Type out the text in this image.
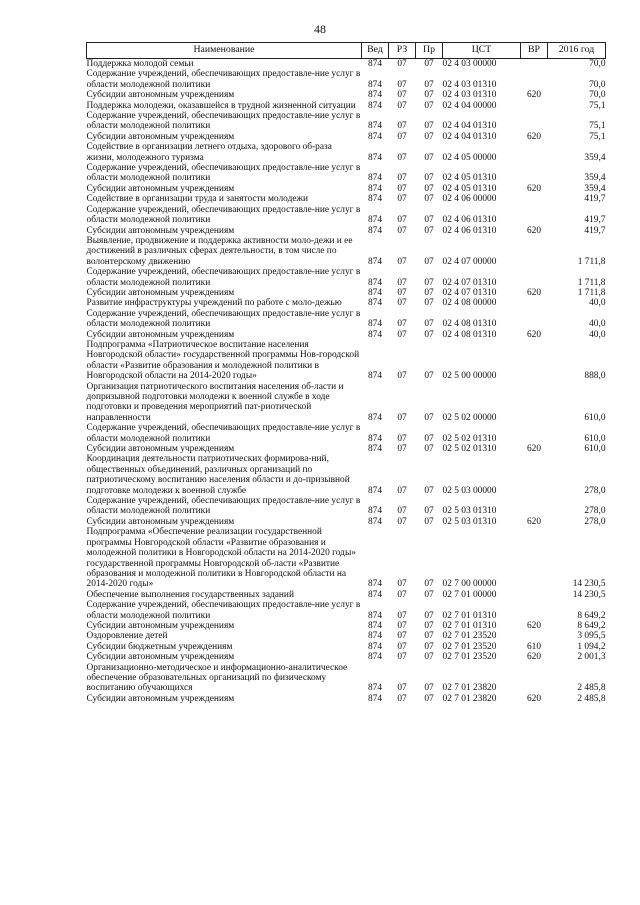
48
Наименование	Вед	РЗ	Пр	ЦСТ	ВР	2016 год
Поддержка молодой семьи	874	07	07	02 4 03 00000		70,0
Содержание учреждений, обеспечивающих предоставле-ние услуг в области молодежной политики	874	07	07	02 4 03 01310		70,0
Субсидии автономным учреждениям	874	07	07	02 4 03 01310	620	70,0
Поддержка молодежи, оказавшейся в трудной жизненной ситуации	874	07	07	02 4 04 00000		75,1
Содержание учреждений, обеспечивающих предоставле-ние услуг в области молодежной политики	874	07	07	02 4 04 01310		75,1
Субсидии автономным учреждениям	874	07	07	02 4 04 01310	620	75,1
Содействие в организации летнего отдыха, здорового об-раза жизни, молодежного туризма	874	07	07	02 4 05 00000		359,4
Содержание учреждений, обеспечивающих предоставле-ние услуг в области молодежной политики	874	07	07	02 4 05 01310		359,4
Субсидии автономным учреждениям	874	07	07	02 4 05 01310	620	359,4
Содействие в организации труда и занятости молодежи	874	07	07	02 4 06 00000		419,7
Содержание учреждений, обеспечивающих предоставле-ние услуг в области молодежной политики	874	07	07	02 4 06 01310		419,7
Субсидии автономным учреждениям	874	07	07	02 4 06 01310	620	419,7
Выявление, продвижение и поддержка активности моло-дежи и ее достижений в различных сферах деятельности, в том числе по волонтерскому движению	874	07	07	02 4 07 00000		1 711,8
Содержание учреждений, обеспечивающих предоставле-ние услуг в области молодежной политики	874	07	07	02 4 07 01310		1 711,8
Субсидии автономным учреждениям	874	07	07	02 4 07 01310	620	1 711,8
Развитие инфраструктуры учреждений по работе с моло-дежью	874	07	07	02 4 08 00000		40,0
Содержание учреждений, обеспечивающих предоставле-ние услуг в области молодежной политики	874	07	07	02 4 08 01310		40,0
Субсидии автономным учреждениям	874	07	07	02 4 08 01310	620	40,0
Подпрограмма «Патриотическое воспитание населения Новгородской области» государственной программы Нов-городской области «Развитие образования и молодежной политики в Новгородской области на 2014-2020 годы»	874	07	07	02 5 00 00000		888,0
Организация патриотического воспитания населения об-ласти и допризывной подготовки молодежи к военной службе в ходе подготовки и проведения мероприятий пат-риотической направленности	874	07	07	02 5 02 00000		610,0
Содержание учреждений, обеспечивающих предоставле-ние услуг в области молодежной политики	874	07	07	02 5 02 01310		610,0
Субсидии автономным учреждениям	874	07	07	02 5 02 01310	620	610,0
Координация деятельности патриотических формирова-ний, общественных объединений, различных организаций по патриотическому воспитанию населения области и до-призывной подготовке молодежи к военной службе	874	07	07	02 5 03 00000		278,0
Содержание учреждений, обеспечивающих предоставле-ние услуг в области молодежной политики	874	07	07	02 5 03 01310		278,0
Субсидии автономным учреждениям	874	07	07	02 5 03 01310	620	278,0
Подпрограмма «Обеспечение реализации государственной программы Новгородской области «Развитие образования и молодежной политики в Новгородской области на 2014-2020 годы» государственной программы Новгородской об-ласти «Развитие образования и молодежной политики в Новгородской области на 2014-2020 годы»	874	07	07	02 7 00 00000		14 230,5
Обеспечение выполнения государственных заданий	874	07	07	02 7 01 00000		14 230,5
Содержание учреждений, обеспечивающих предоставле-ние услуг в области молодежной политики	874	07	07	02 7 01 01310		8 649,2
Субсидии автономным учреждениям	874	07	07	02 7 01 01310	620	8 649,2
Оздоровление детей	874	07	07	02 7 01 23520		3 095,5
Субсидии бюджетным учреждениям	874	07	07	02 7 01 23520	610	1 094,2
Субсидии автономным учреждениям	874	07	07	02 7 01 23520	620	2 001,3
Организационно-методическое и информационно-аналитическое обеспечение образовательных организаций по физическому воспитанию обучающихся	874	07	07	02 7 01 23820		2 485,8
Субсидии автономным учреждениям	874	07	07	02 7 01 23820	620	2 485,8
